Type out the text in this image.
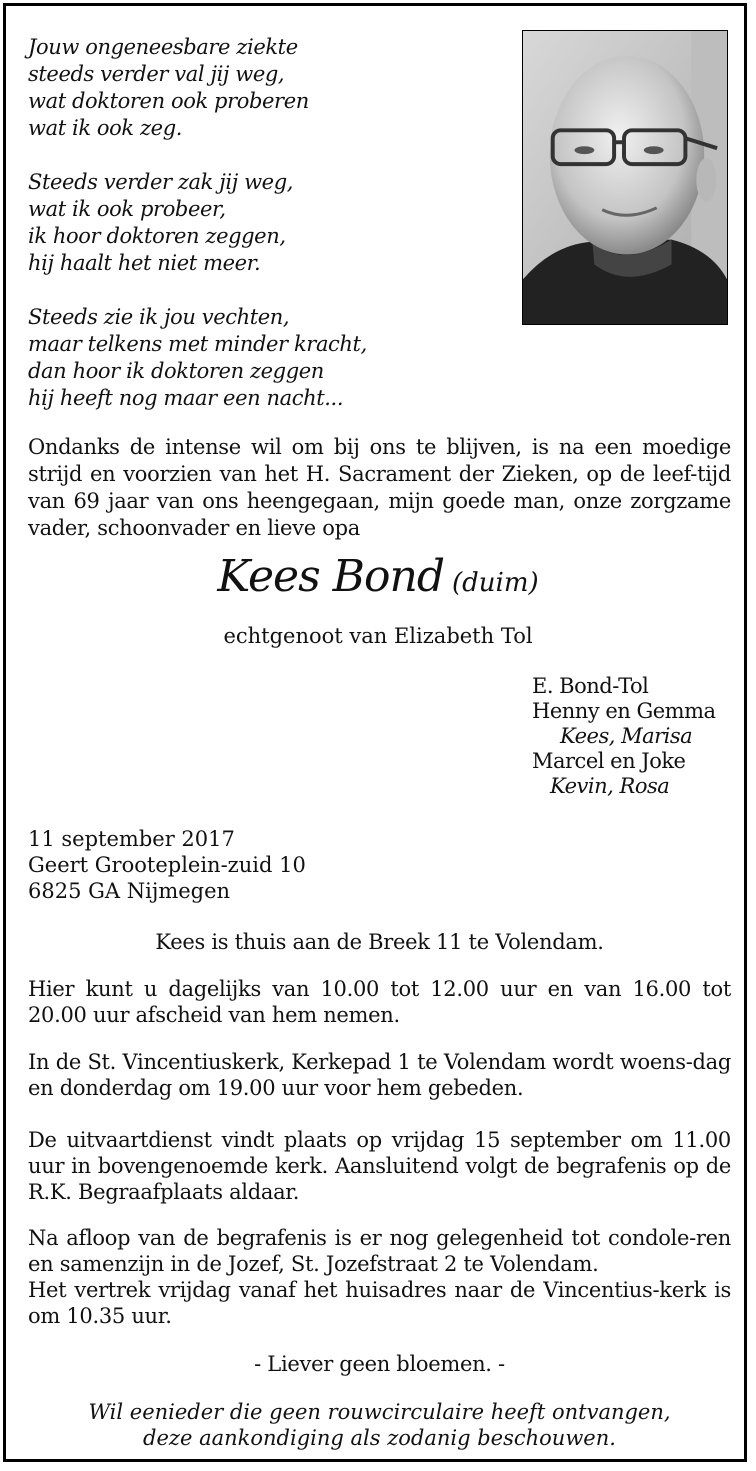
Jouw ongeneesbare ziekte
steeds verder val jij weg,
wat doktoren ook proberen
wat ik ook zeg.
Steeds verder zak jij weg,
wat ik ook probeer,
ik hoor doktoren zeggen,
hij haalt het niet meer.
Steeds zie ik jou vechten,
maar telkens met minder kracht,
dan hoor ik doktoren zeggen
hij heeft nog maar een nacht...
Ondanks de intense wil om bij ons te blijven, is na een moedige strijd en voorzien van het H. Sacrament der Zieken, op de leef-tijd van 69 jaar van ons heengegaan, mijn goede man, onze zorgzame vader, schoonvader en lieve opa
Kees Bond (duim)
echtgenoot van Elizabeth Tol
E. Bond-Tol
Henny en Gemma
Kees, Marisa
Marcel en Joke
Kevin, Rosa
11 september 2017
Geert Grooteplein-zuid 10
6825 GA Nijmegen
Kees is thuis aan de Breek 11 te Volendam.
Hier kunt u dagelijks van 10.00 tot 12.00 uur en van 16.00 tot 20.00 uur afscheid van hem nemen.
In de St. Vincentiuskerk, Kerkepad 1 te Volendam wordt woens-dag en donderdag om 19.00 uur voor hem gebeden.
De uitvaartdienst vindt plaats op vrijdag 15 september om 11.00 uur in bovengenoemde kerk. Aansluitend volgt de begrafenis op de R.K. Begraafplaats aldaar.
Na afloop van de begrafenis is er nog gelegenheid tot condole-ren en samenzijn in de Jozef, St. Jozefstraat 2 te Volendam.
Het vertrek vrijdag vanaf het huisadres naar de Vincentius-kerk is om 10.35 uur.
- Liever geen bloemen. -
Wil eenieder die geen rouwcirculaire heeft ontvangen,
deze aankondiging als zodanig beschouwen.
